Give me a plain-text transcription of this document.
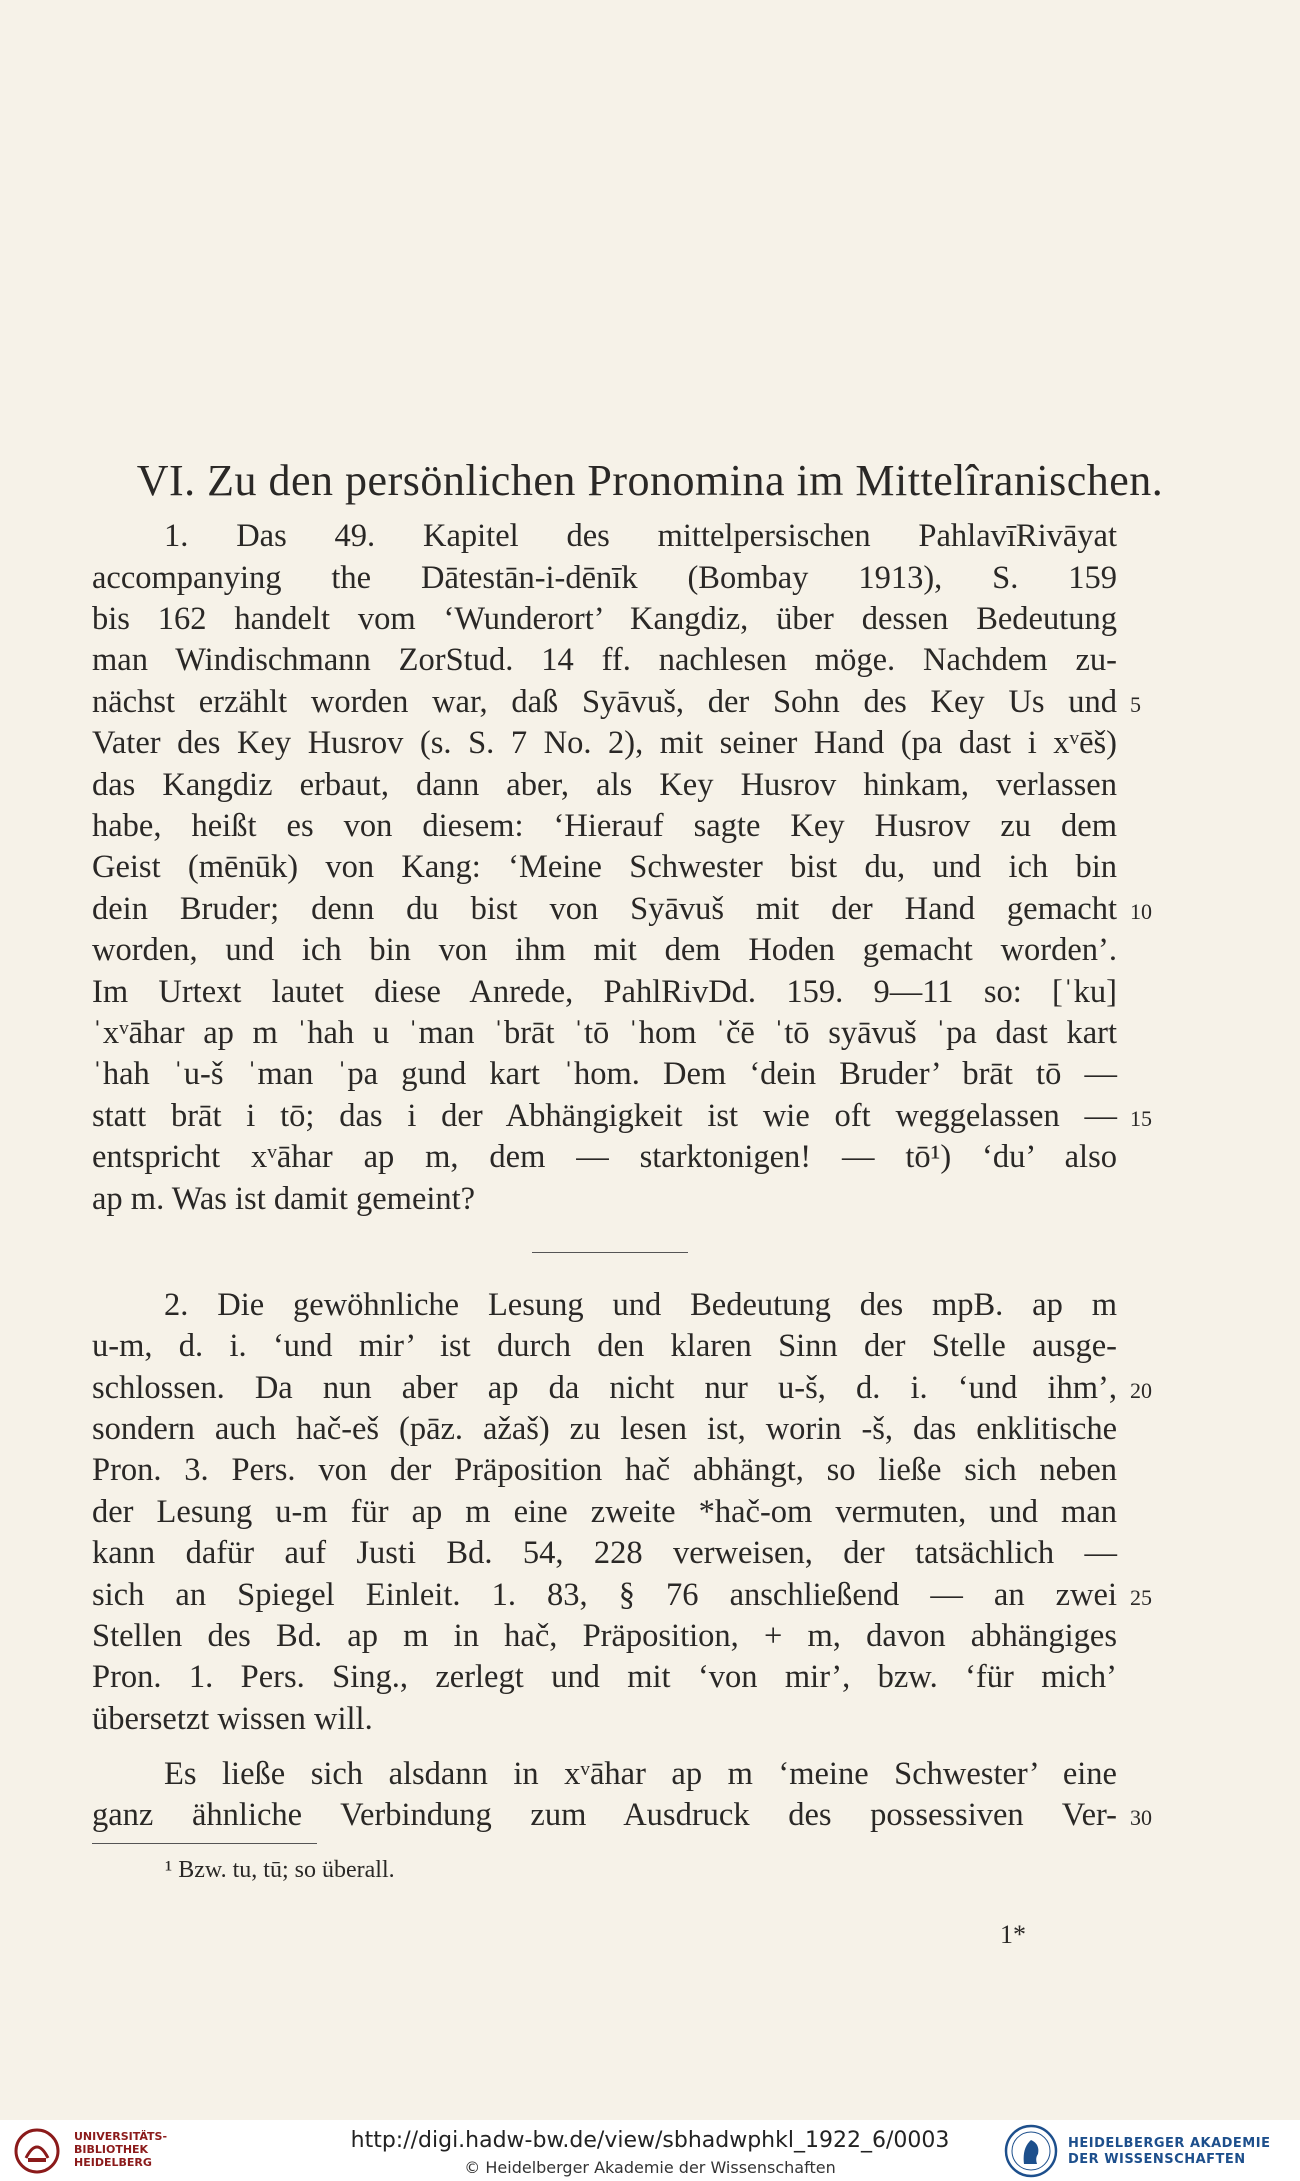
VI. Zu den persönlichen Pronomina im Mittelîranischen.
1. Das 49. Kapitel des mittelpersischen PahlavīRivāyat
accompanying the Dātestān-i-dēnīk (Bombay 1913), S. 159
bis 162 handelt vom ‘Wunderort’ Kangdiz, über dessen Bedeutung
man Windischmann ZorStud. 14 ff. nachlesen möge. Nachdem zu-
nächst erzählt worden war, daß Syāvuš, der Sohn des Key Us und 5
Vater des Key Husrov (s. S. 7 No. 2), mit seiner Hand (pa dast i xᵛēš)
das Kangdiz erbaut, dann aber, als Key Husrov hinkam, verlassen
habe, heißt es von diesem: ‘Hierauf sagte Key Husrov zu dem
Geist (mēnūk) von Kang: ‘Meine Schwester bist du, und ich bin
dein Bruder; denn du bist von Syāvuš mit der Hand gemacht 10
worden, und ich bin von ihm mit dem Hoden gemacht worden’.
Im Urtext lautet diese Anrede, PahlRivDd. 159. 9—11 so: [ˈku]
ˈxᵛāhar ap m ˈhah u ˈman ˈbrāt ˈtō ˈhom ˈčē ˈtō syāvuš ˈpa dast kart
ˈhah ˈu-š ˈman ˈpa gund kart ˈhom. Dem ‘dein Bruder’ brāt tō —
statt brāt i tō; das i der Abhängigkeit ist wie oft weggelassen — 15
entspricht xᵛāhar ap m, dem — starktonigen! — tō¹) ‘du’ also
ap m. Was ist damit gemeint?
2. Die gewöhnliche Lesung und Bedeutung des mpB. ap m
u-m, d. i. ‘und mir’ ist durch den klaren Sinn der Stelle ausge-
schlossen. Da nun aber ap da nicht nur u-š, d. i. ‘und ihm’, 20
sondern auch hač-eš (pāz. ažaš) zu lesen ist, worin -š, das enklitische
Pron. 3. Pers. von der Präposition hač abhängt, so ließe sich neben
der Lesung u-m für ap m eine zweite *hač-om vermuten, und man
kann dafür auf Justi Bd. 54, 228 verweisen, der tatsächlich —
sich an Spiegel Einleit. 1. 83, § 76 anschließend — an zwei 25
Stellen des Bd. ap m in hač, Präposition, + m, davon abhängiges
Pron. 1. Pers. Sing., zerlegt und mit ‘von mir’, bzw. ‘für mich’
übersetzt wissen will.
Es ließe sich alsdann in xᵛāhar ap m ‘meine Schwester’ eine
ganz ähnliche Verbindung zum Ausdruck des possessiven Ver- 30
¹ Bzw. tu, tū; so überall.
1*
UNIVERSITÄTS-
BIBLIOTHEK
HEIDELBERG
http://digi.hadw-bw.de/view/sbhadwphkl_1922_6/0003
© Heidelberger Akademie der Wissenschaften
HEIDELBERGER AKADEMIE
DER WISSENSCHAFTEN
